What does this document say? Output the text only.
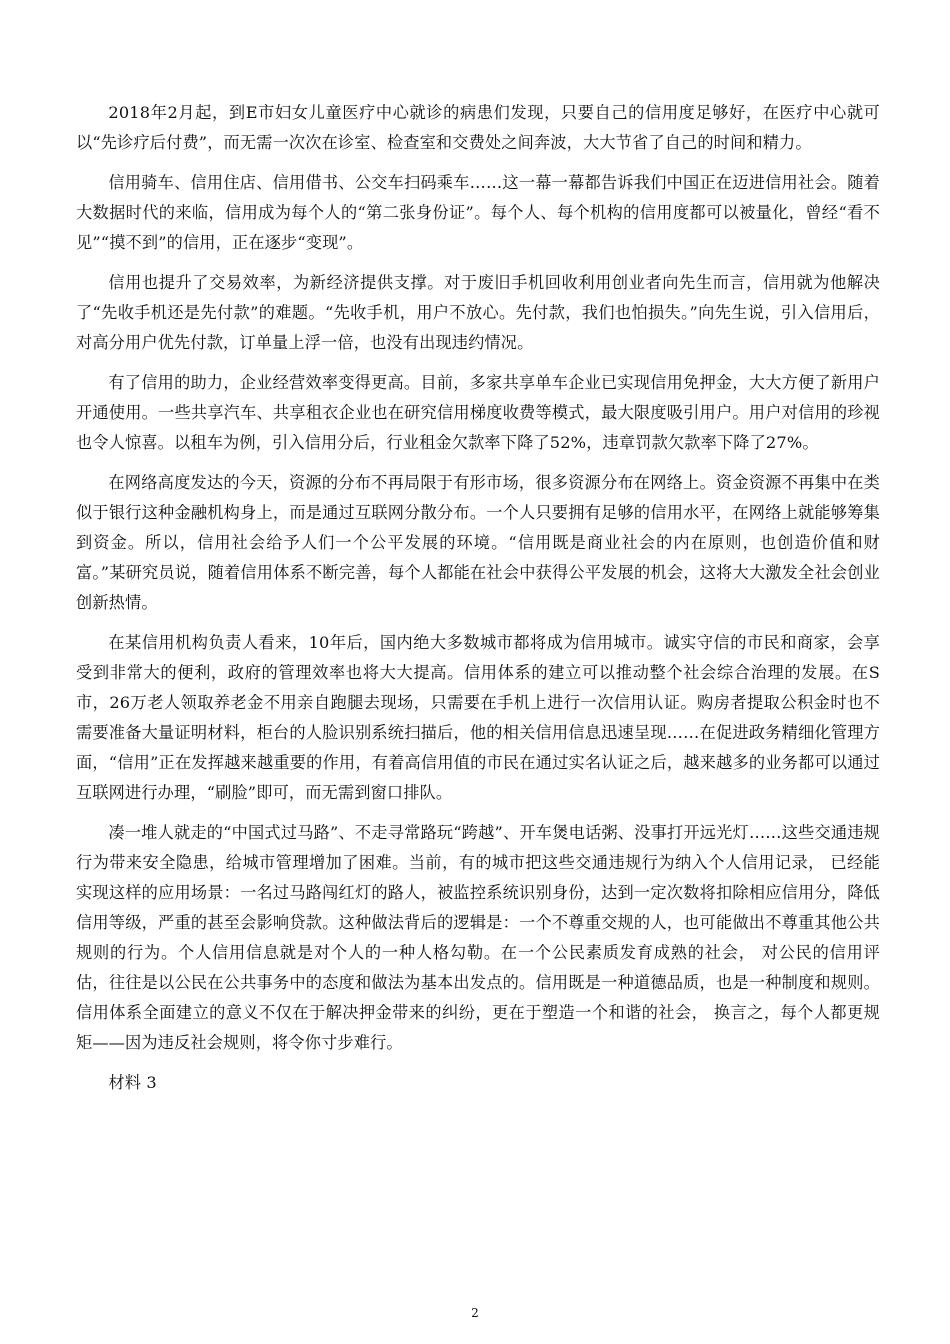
2018年2月起，到E市妇女儿童医疗中心就诊的病患们发现，只要自己的信用度足够好，在医疗中心就可以“先诊疗后付费”，而无需一次次在诊室、检查室和交费处之间奔波，大大节省了自己的时间和精力。

信用骑车、信用住店、信用借书、公交车扫码乘车……这一幕一幕都告诉我们中国正在迈进信用社会。随着大数据时代的来临，信用成为每个人的“第二张身份证”。每个人、每个机构的信用度都可以被量化，曾经“看不见”“摸不到”的信用，正在逐步“变现”。

信用也提升了交易效率，为新经济提供支撑。对于废旧手机回收利用创业者向先生而言，信用就为他解决了“先收手机还是先付款”的难题。“先收手机，用户不放心。先付款，我们也怕损失。”向先生说，引入信用后，对高分用户优先付款，订单量上浮一倍，也没有出现违约情况。

有了信用的助力，企业经营效率变得更高。目前，多家共享单车企业已实现信用免押金，大大方便了新用户开通使用。一些共享汽车、共享租衣企业也在研究信用梯度收费等模式，最大限度吸引用户。用户对信用的珍视也令人惊喜。以租车为例，引入信用分后，行业租金欠款率下降了52%，违章罚款欠款率下降了27%。

在网络高度发达的今天，资源的分布不再局限于有形市场，很多资源分布在网络上。资金资源不再集中在类似于银行这种金融机构身上，而是通过互联网分散分布。一个人只要拥有足够的信用水平，在网络上就能够筹集到资金。所以，信用社会给予人们一个公平发展的环境。“信用既是商业社会的内在原则，也创造价值和财富。”某研究员说，随着信用体系不断完善，每个人都能在社会中获得公平发展的机会，这将大大激发全社会创业创新热情。

在某信用机构负责人看来，10年后，国内绝大多数城市都将成为信用城市。诚实守信的市民和商家，会享受到非常大的便利，政府的管理效率也将大大提高。信用体系的建立可以推动整个社会综合治理的发展。在S市，26万老人领取养老金不用亲自跑腿去现场，只需要在手机上进行一次信用认证。购房者提取公积金时也不需要准备大量证明材料，柜台的人脸识别系统扫描后，他的相关信用信息迅速呈现……在促进政务精细化管理方面，“信用”正在发挥越来越重要的作用，有着高信用值的市民在通过实名认证之后，越来越多的业务都可以通过互联网进行办理，“刷脸”即可，而无需到窗口排队。

凑一堆人就走的“中国式过马路”、不走寻常路玩“跨越”、开车煲电话粥、没事打开远光灯……这些交通违规行为带来安全隐患，给城市管理增加了困难。当前，有的城市把这些交通违规行为纳入个人信用记录， 已经能实现这样的应用场景：一名过马路闯红灯的路人，被监控系统识别身份，达到一定次数将扣除相应信用分，降低信用等级，严重的甚至会影响贷款。这种做法背后的逻辑是：一个不尊重交规的人，也可能做出不尊重其他公共规则的行为。个人信用信息就是对个人的一种人格勾勒。在一个公民素质发育成熟的社会， 对公民的信用评估，往往是以公民在公共事务中的态度和做法为基本出发点的。信用既是一种道德品质，也是一种制度和规则。信用体系全面建立的意义不仅在于解决押金带来的纠纷，更在于塑造一个和谐的社会， 换言之，每个人都更规矩——因为违反社会规则，将令你寸步难行。

材料 3

2
